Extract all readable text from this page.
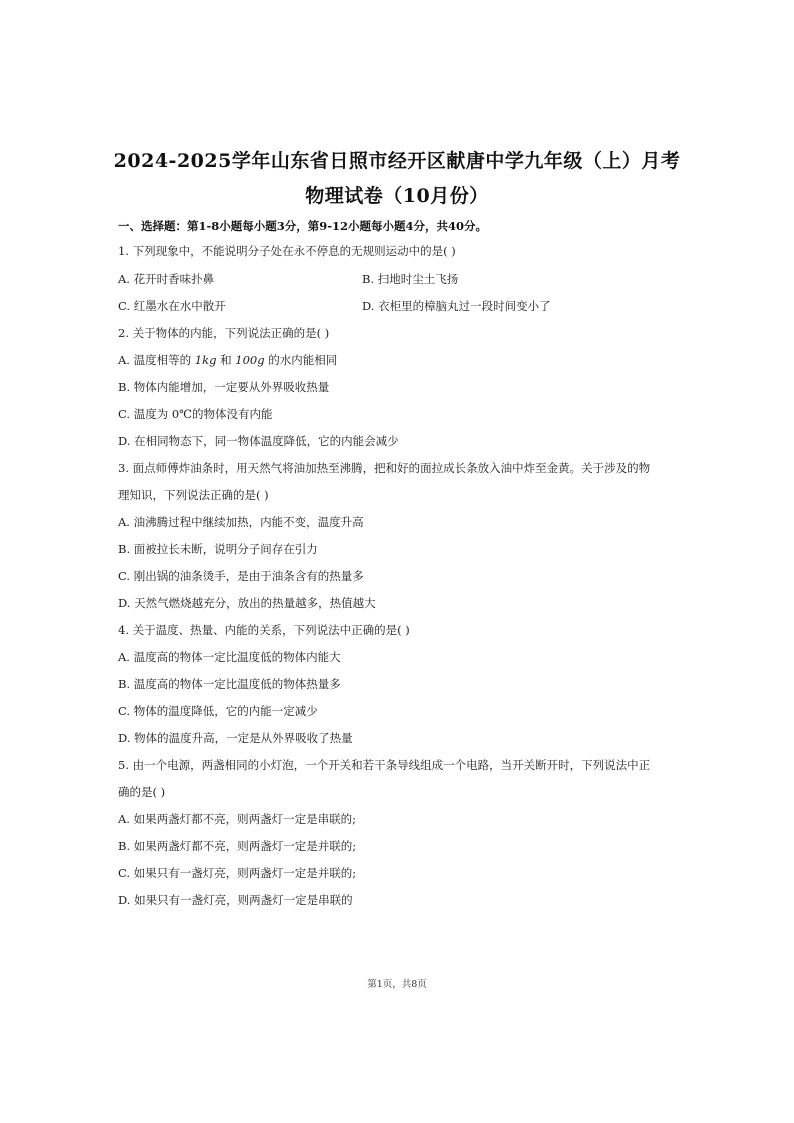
2024-2025学年山东省日照市经开区献唐中学九年级（上）月考
物理试卷（10月份）
一、选择题：第1-8小题每小题3分，第9-12小题每小题4分，共40分。
1. 下列现象中，不能说明分子处在永不停息的无规则运动中的是( )
A. 花开时香味扑鼻	B. 扫地时尘土飞扬
C. 红墨水在水中散开	D. 衣柜里的樟脑丸过一段时间变小了
2. 关于物体的内能，下列说法正确的是( )
A. 温度相等的 1kg 和 100g 的水内能相同
B. 物体内能增加，一定要从外界吸收热量
C. 温度为 0℃的物体没有内能
D. 在相同物态下，同一物体温度降低，它的内能会减少
3. 面点师傅炸油条时，用天然气将油加热至沸腾，把和好的面拉成长条放入油中炸至金黄。关于涉及的物
理知识，下列说法正确的是( )
A. 油沸腾过程中继续加热，内能不变，温度升高
B. 面被拉长未断，说明分子间存在引力
C. 刚出锅的油条烫手，是由于油条含有的热量多
D. 天然气燃烧越充分，放出的热量越多，热值越大
4. 关于温度、热量、内能的关系，下列说法中正确的是( )
A. 温度高的物体一定比温度低的物体内能大
B. 温度高的物体一定比温度低的物体热量多
C. 物体的温度降低，它的内能一定减少
D. 物体的温度升高，一定是从外界吸收了热量
5. 由一个电源，两盏相同的小灯泡，一个开关和若干条导线组成一个电路，当开关断开时，下列说法中正
确的是( )
A. 如果两盏灯都不亮，则两盏灯一定是串联的;
B. 如果两盏灯都不亮，则两盏灯一定是并联的;
C. 如果只有一盏灯亮，则两盏灯一定是并联的;
D. 如果只有一盏灯亮，则两盏灯一定是串联的
第1页，共8页
